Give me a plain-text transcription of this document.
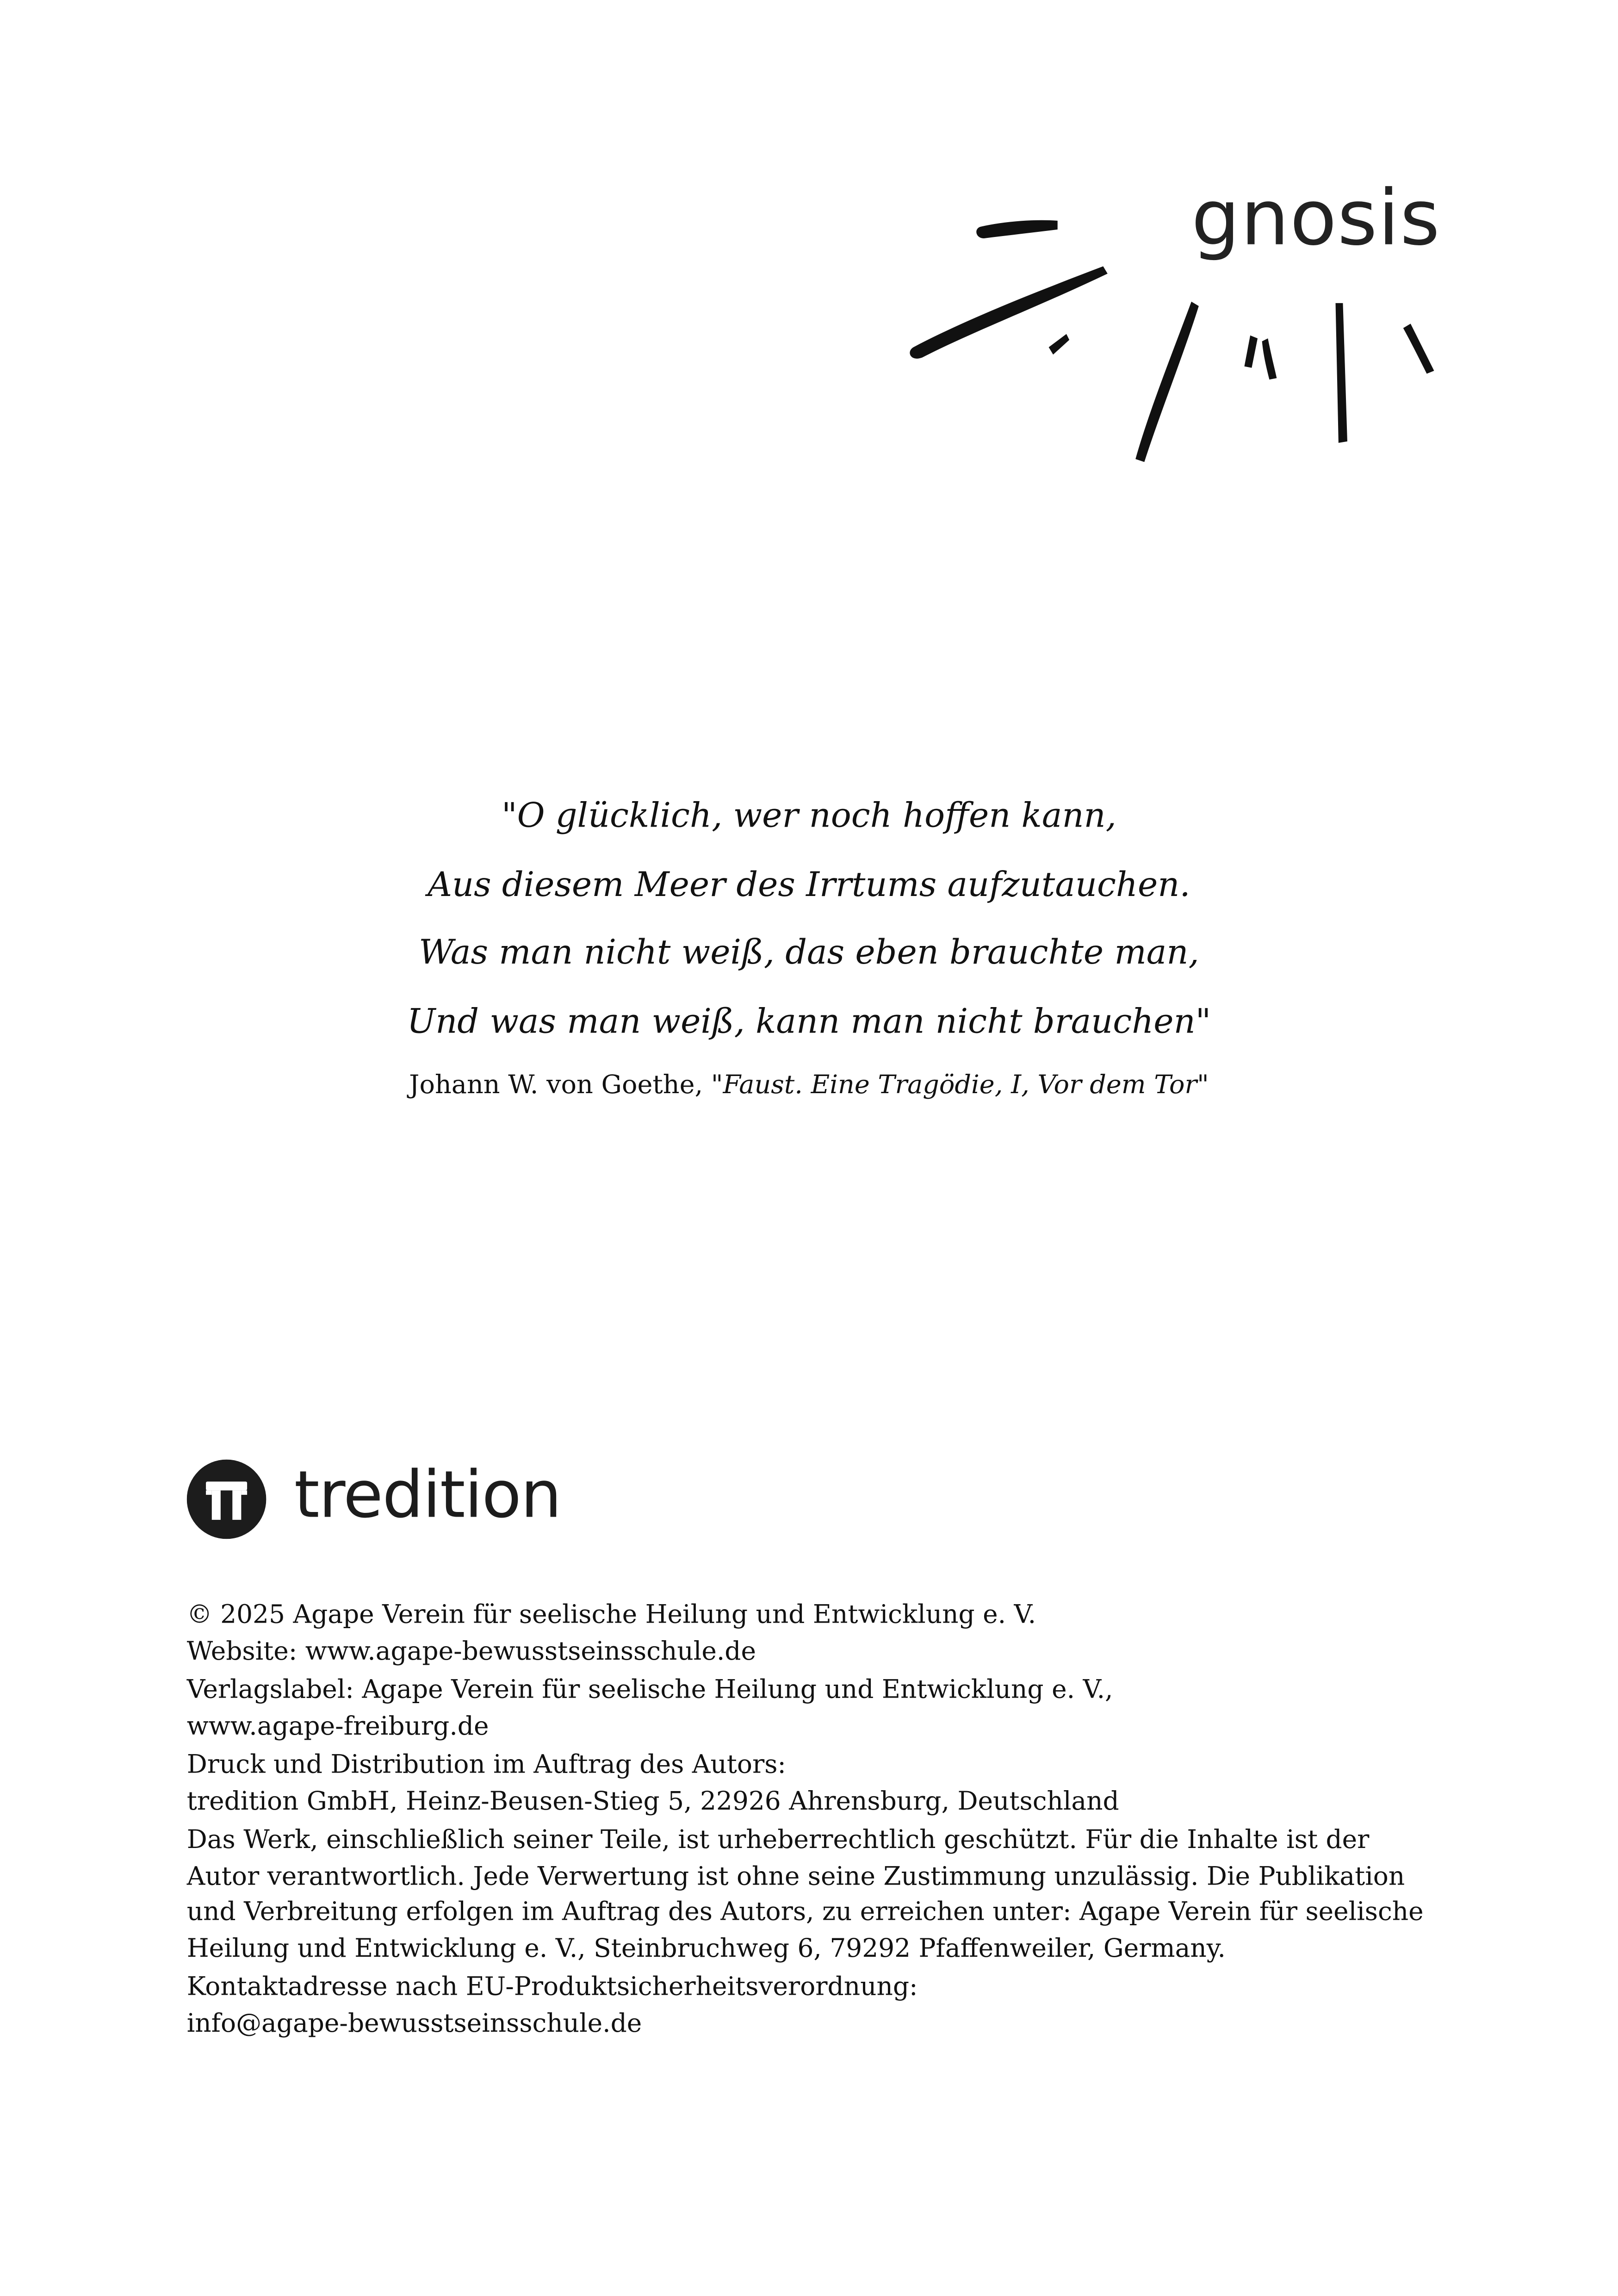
gnosis
"O glücklich, wer noch hoffen kann,
Aus diesem Meer des Irrtums aufzutauchen.
Was man nicht weiß, das eben brauchte man,
Und was man weiß, kann man nicht brauchen"
Johann W. von Goethe, "Faust. Eine Tragödie, I, Vor dem Tor"
tredition
© 2025 Agape Verein für seelische Heilung und Entwicklung e. V.
Website: www.agape-bewusstseinsschule.de
Verlagslabel: Agape Verein für seelische Heilung und Entwicklung e. V.,
www.agape-freiburg.de
Druck und Distribution im Auftrag des Autors:
tredition GmbH, Heinz-Beusen-Stieg 5, 22926 Ahrensburg, Deutschland
Das Werk, einschließlich seiner Teile, ist urheberrechtlich geschützt. Für die Inhalte ist der
Autor verantwortlich. Jede Verwertung ist ohne seine Zustimmung unzulässig. Die Publikation
und Verbreitung erfolgen im Auftrag des Autors, zu erreichen unter: Agape Verein für seelische
Heilung und Entwicklung e. V., Steinbruchweg 6, 79292 Pfaffenweiler, Germany.
Kontaktadresse nach EU-Produktsicherheitsverordnung:
info@agape-bewusstseinsschule.de
